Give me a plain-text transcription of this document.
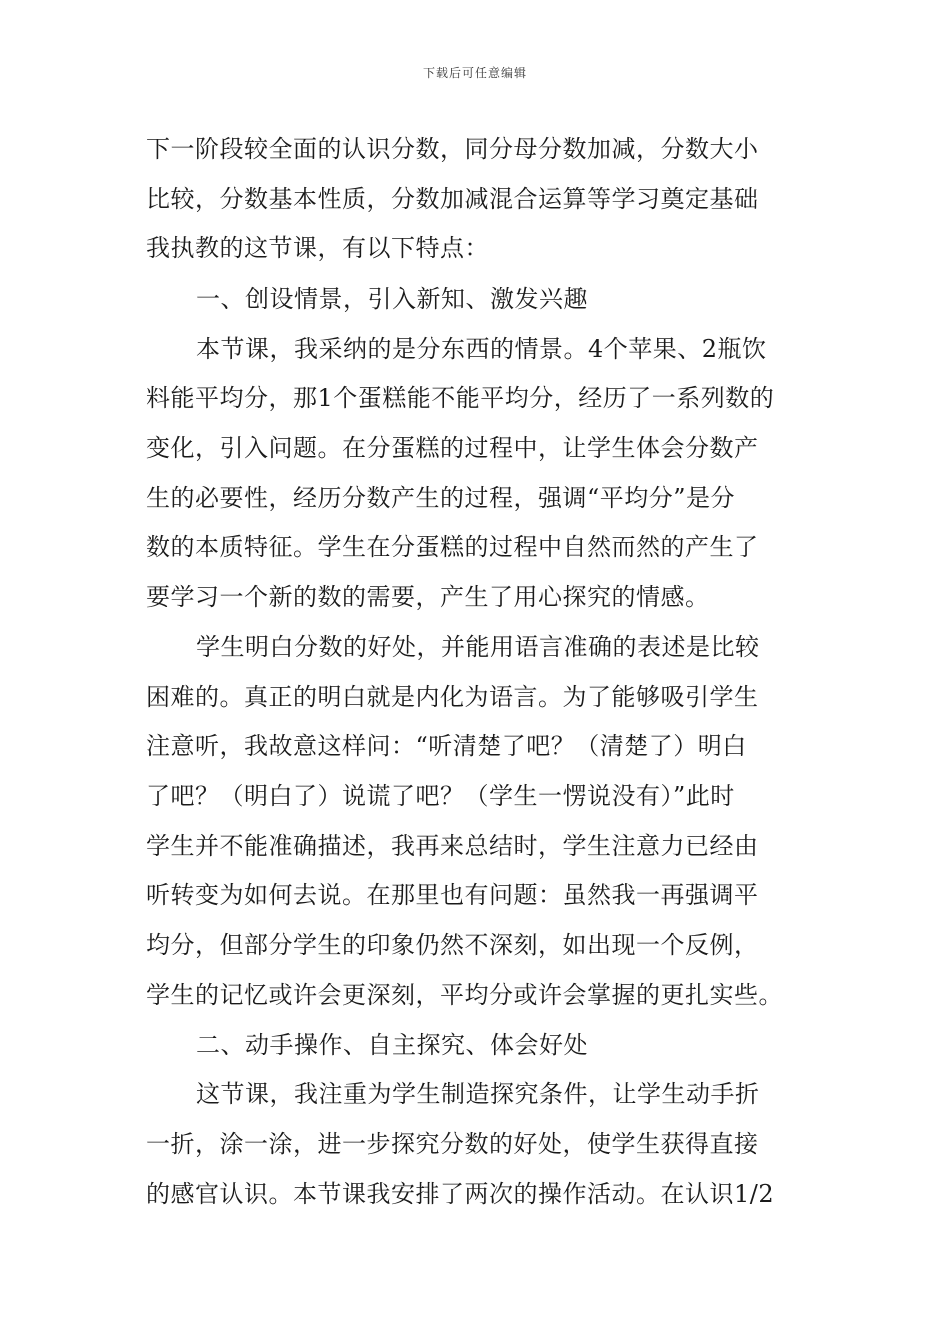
下载后可任意编辑
下一阶段较全面的认识分数，同分母分数加减，分数大小
比较，分数基本性质，分数加减混合运算等学习奠定基础
我执教的这节课，有以下特点：
一、创设情景，引入新知、激发兴趣
本节课，我采纳的是分东西的情景。4个苹果、2瓶饮
料能平均分，那1个蛋糕能不能平均分，经历了一系列数的
变化，引入问题。在分蛋糕的过程中，让学生体会分数产
生的必要性，经历分数产生的过程，强调“平均分”是分
数的本质特征。学生在分蛋糕的过程中自然而然的产生了
要学习一个新的数的需要，产生了用心探究的情感。
学生明白分数的好处，并能用语言准确的表述是比较
困难的。真正的明白就是内化为语言。为了能够吸引学生
注意听，我故意这样问：“听清楚了吧？（清楚了）明白
了吧？（明白了）说谎了吧？（学生一愣说没有）”此时
学生并不能准确描述，我再来总结时，学生注意力已经由
听转变为如何去说。在那里也有问题：虽然我一再强调平
均分，但部分学生的印象仍然不深刻，如出现一个反例，
学生的记忆或许会更深刻，平均分或许会掌握的更扎实些。
二、动手操作、自主探究、体会好处
这节课，我注重为学生制造探究条件，让学生动手折
一折，涂一涂，进一步探究分数的好处，使学生获得直接
的感官认识。本节课我安排了两次的操作活动。在认识1/2
